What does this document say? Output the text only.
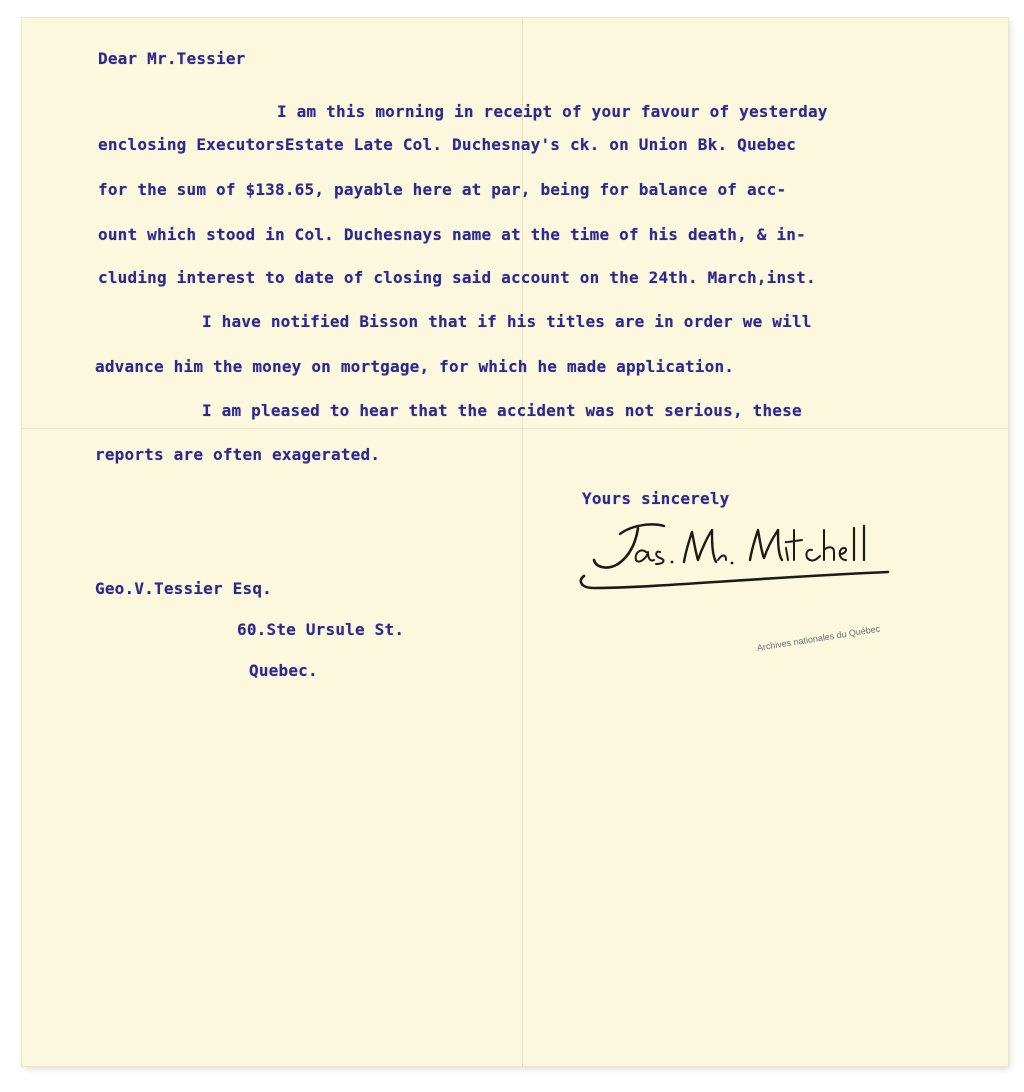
Dear Mr.Tessier
I am this morning in receipt of your favour of yesterday
enclosing ExecutorsEstate Late Col. Duchesnay's ck. on Union Bk. Quebec
for the sum of $138.65, payable here at par, being for balance of acc-
ount which stood in Col. Duchesnays name at the time of his death, & in-
cluding interest to date of closing said account on the 24th. March,inst.
I have notified Bisson that if his titles are in order we will
advance him the money on mortgage, for which he made application.
I am pleased to hear that the accident was not serious, these
reports are often exagerated.
Yours sincerely
Geo.V.Tessier Esq.
60.Ste Ursule St.
Quebec.
Archives nationales du Québec
